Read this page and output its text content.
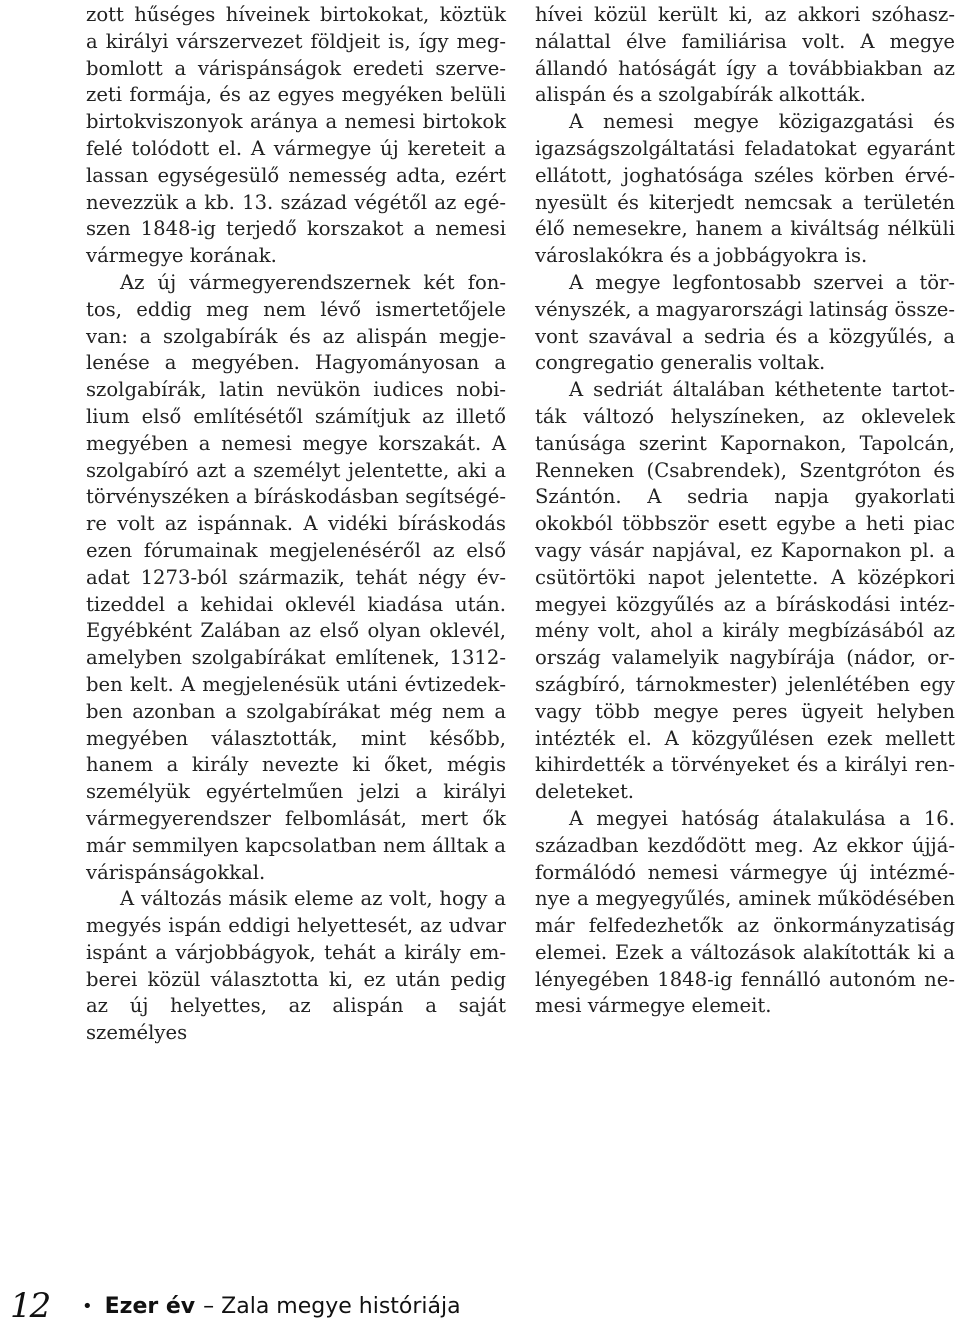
zott hűséges híveinek birtokokat, köztük a királyi várszervezet földjeit is, így megbomlott a várispánságok eredeti szervezeti formája, és az egyes megyéken belüli birtokviszonyok aránya a nemesi birtokok felé tolódott el. A vármegye új kereteit a lassan egységesülő nemesség adta, ezért nevezzük a kb. 13. század végétől az egészen 1848-ig terjedő korszakot a nemesi vármegye korának.

Az új vármegyerendszernek két fontos, eddig meg nem lévő ismertetőjele van: a szolgabírák és az alispán megjelenése a megyében. Hagyományosan a szolgabírák, latin nevükön iudices nobilium első említésétől számítjuk az illető megyében a nemesi megye korszakát. A szolgabíró azt a személyt jelentette, aki a törvényszéken a bíráskodásban segítségére volt az ispánnak. A vidéki bíráskodás ezen fórumainak megjelenéséről az első adat 1273-ból származik, tehát négy évtizeddel a kehidai oklevél kiadása után. Egyébként Zalában az első olyan oklevél, amelyben szolgabírákat említenek, 1312-ben kelt. A megjelenésük utáni évtizedekben azonban a szolgabírákat még nem a megyében választották, mint később, hanem a király nevezte ki őket, mégis személyük egyértelműen jelzi a királyi vármegyerendszer felbomlását, mert ők már semmilyen kapcsolatban nem álltak a várispánságokkal.

A változás másik eleme az volt, hogy a megyés ispán eddigi helyettesét, az udvar ispánt a várjobbágyok, tehát a király emberei közül választotta ki, ez után pedig az új helyettes, az alispán a saját személyes

hívei közül került ki, az akkori szóhasználattal élve familiárisa volt. A megye állandó hatóságát így a továbbiakban az alispán és a szolgabírák alkották.

A nemesi megye közigazgatási és igazságszolgáltatási feladatokat egyaránt ellátott, joghatósága széles körben érvényesült és kiterjedt nemcsak a területén élő nemesekre, hanem a kiváltság nélküli városlakókra és a jobbágyokra is.

A megye legfontosabb szervei a törvényszék, a magyarországi latinság összevont szavával a sedria és a közgyűlés, a congregatio generalis voltak.

A sedriát általában kéthetente tartották változó helyszíneken, az oklevelek tanúsága szerint Kapornakon, Tapolcán, Renneken (Csabrendek), Szentgróton és Szántón. A sedria napja gyakorlati okokból többször esett egybe a heti piac vagy vásár napjával, ez Kapornakon pl. a csütörtöki napot jelentette. A középkori megyei közgyűlés az a bíráskodási intézmény volt, ahol a király megbízásából az ország valamelyik nagybírája (nádor, országbíró, tárnokmester) jelenlétében egy vagy több megye peres ügyeit helyben intézték el. A közgyűlésen ezek mellett kihirdették a törvényeket és a királyi rendeleteket.

A megyei hatóság átalakulása a 16. században kezdődött meg. Az ekkor újjáformálódó nemesi vármegye új intézménye a megyegyűlés, aminek működésében már felfedezhetők az önkormányzatiság elemei. Ezek a változások alakították ki a lényegében 1848-ig fennálló autonóm nemesi vármegye elemeit.

12	• Ezer év – Zala megye históriája
